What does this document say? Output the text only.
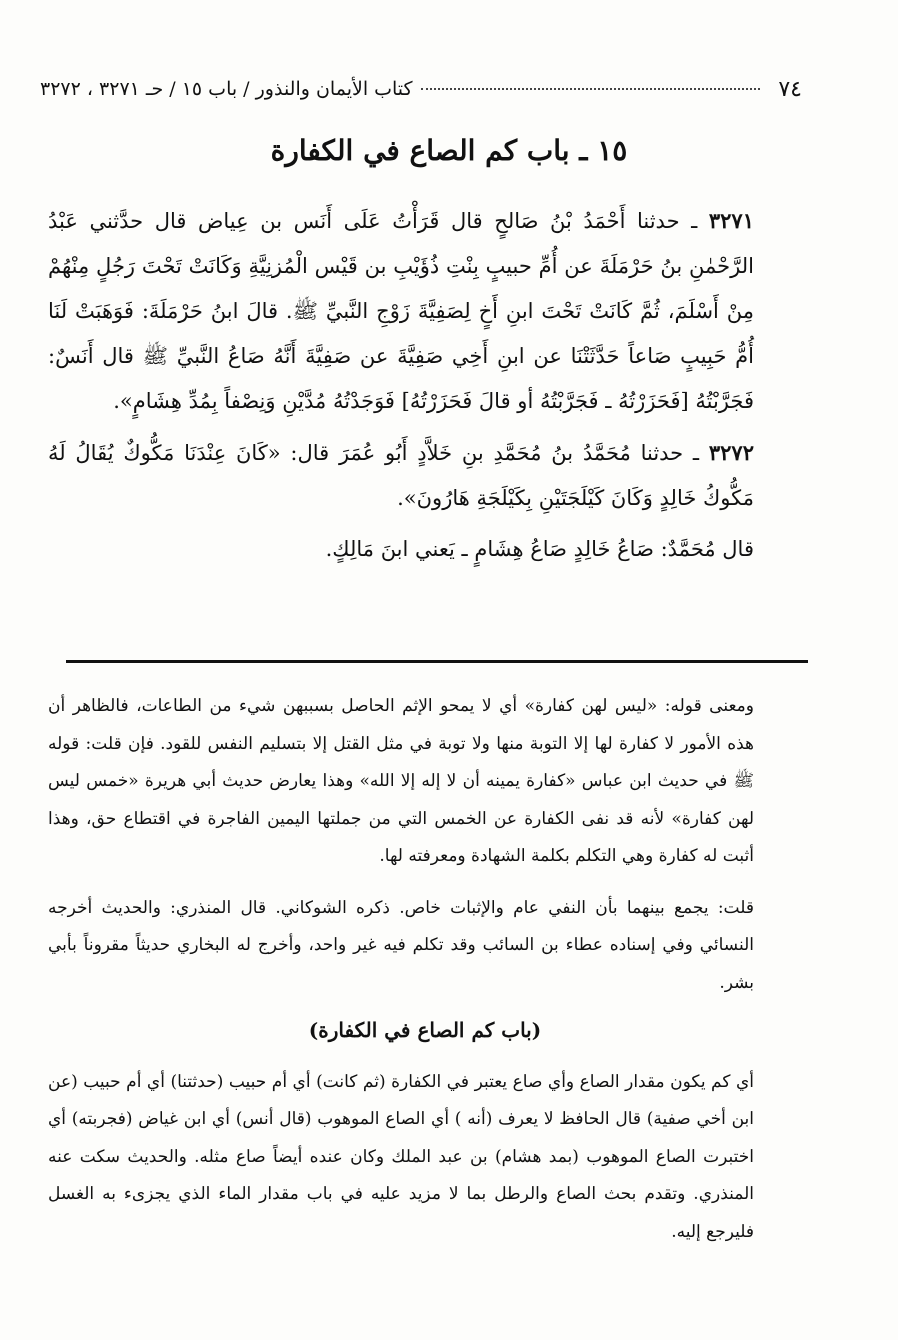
٧٤
كتاب الأيمان والنذور / باب ١٥ / حـ ٣٢٧١ ، ٣٢٧٢
١٥ ـ باب كم الصاع في الكفارة

٣٢٧١ ـ حدثنا أَحْمَدُ بْنُ صَالحٍ قال قَرَأْتُ عَلَى أَنَس بن عِياض قال حدَّثني عَبْدُ الرَّحْمٰنِ بنُ حَرْمَلَةَ عن أُمِّ حبيبٍ بِنْتِ ذُؤَيْبِ بن قَيْس الْمُزنِيَّةِ وَكَانَتْ تَحْتَ رَجُلٍ مِنْهُمْ مِنْ أَسْلَمَ، ثُمَّ كَانَتْ تَحْتَ ابنِ أَخٍ لِصَفِيَّةَ زَوْجِ النَّبيِّ ﷺ. قالَ ابنُ حَرْمَلَةَ: فَوَهَبَتْ لَنَا أُمُّ حَبِيبٍ صَاعاً حَدَّثَتْنَا عن ابنِ أَخِي صَفِيَّةَ عن صَفِيَّةَ أَنَّهُ صَاعُ النَّبيِّ ﷺ قال أَنَسٌ: فَجَرَّبْتُهُ [فَحَزَرْتُهُ ـ فَجَرَّبْتُهُ أو قالَ فَحَزَرْتُهُ] فَوَجَدْتُهُ مُدَّيْنِ وَنِصْفاً بِمُدِّ هِشَامٍ».

٣٢٧٢ ـ حدثنا مُحَمَّدُ بنُ مُحَمَّدِ بنِ خَلاَّدٍ أَبُو عُمَرَ قال: «كَانَ عِنْدَنَا مَكُّوكٌ يُقَالُ لَهُ مَكُّوكُ خَالِدٍ وَكَانَ كَيْلَجَتَيْنِ بِكَيْلَجَةِ هَارُونَ».

قال مُحَمَّدٌ: صَاعُ خَالِدٍ صَاعُ هِشَامٍ ـ يَعني ابنَ مَالِكٍ.

ومعنى قوله: «ليس لهن كفارة» أي لا يمحو الإثم الحاصل بسببهن شيء من الطاعات، فالظاهر أن هذه الأمور لا كفارة لها إلا التوبة منها ولا توبة في مثل القتل إلا بتسليم النفس للقود. فإن قلت: قوله ﷺ في حديث ابن عباس «كفارة يمينه أن لا إله إلا الله» وهذا يعارض حديث أبي هريرة «خمس ليس لهن كفارة» لأنه قد نفى الكفارة عن الخمس التي من جملتها اليمين الفاجرة في اقتطاع حق، وهذا أثبت له كفارة وهي التكلم بكلمة الشهادة ومعرفته لها.

قلت: يجمع بينهما بأن النفي عام والإثبات خاص. ذكره الشوكاني. قال المنذري: والحديث أخرجه النسائي وفي إسناده عطاء بن السائب وقد تكلم فيه غير واحد، وأخرج له البخاري حديثاً مقروناً بأبي بشر.

(باب كم الصاع في الكفارة)

أي كم يكون مقدار الصاع وأي صاع يعتبر في الكفارة (ثم كانت) أي أم حبيب (حدثتنا) أي أم حبيب (عن ابن أخي صفية) قال الحافظ لا يعرف (أنه ) أي الصاع الموهوب (قال أنس) أي ابن غياض (فجربته) أي اختبرت الصاع الموهوب (بمد هشام) بن عبد الملك وكان عنده أيضاً صاع مثله. والحديث سكت عنه المنذري. وتقدم بحث الصاع والرطل بما لا مزيد عليه في باب مقدار الماء الذي يجزىء به الغسل فليرجع إليه.
